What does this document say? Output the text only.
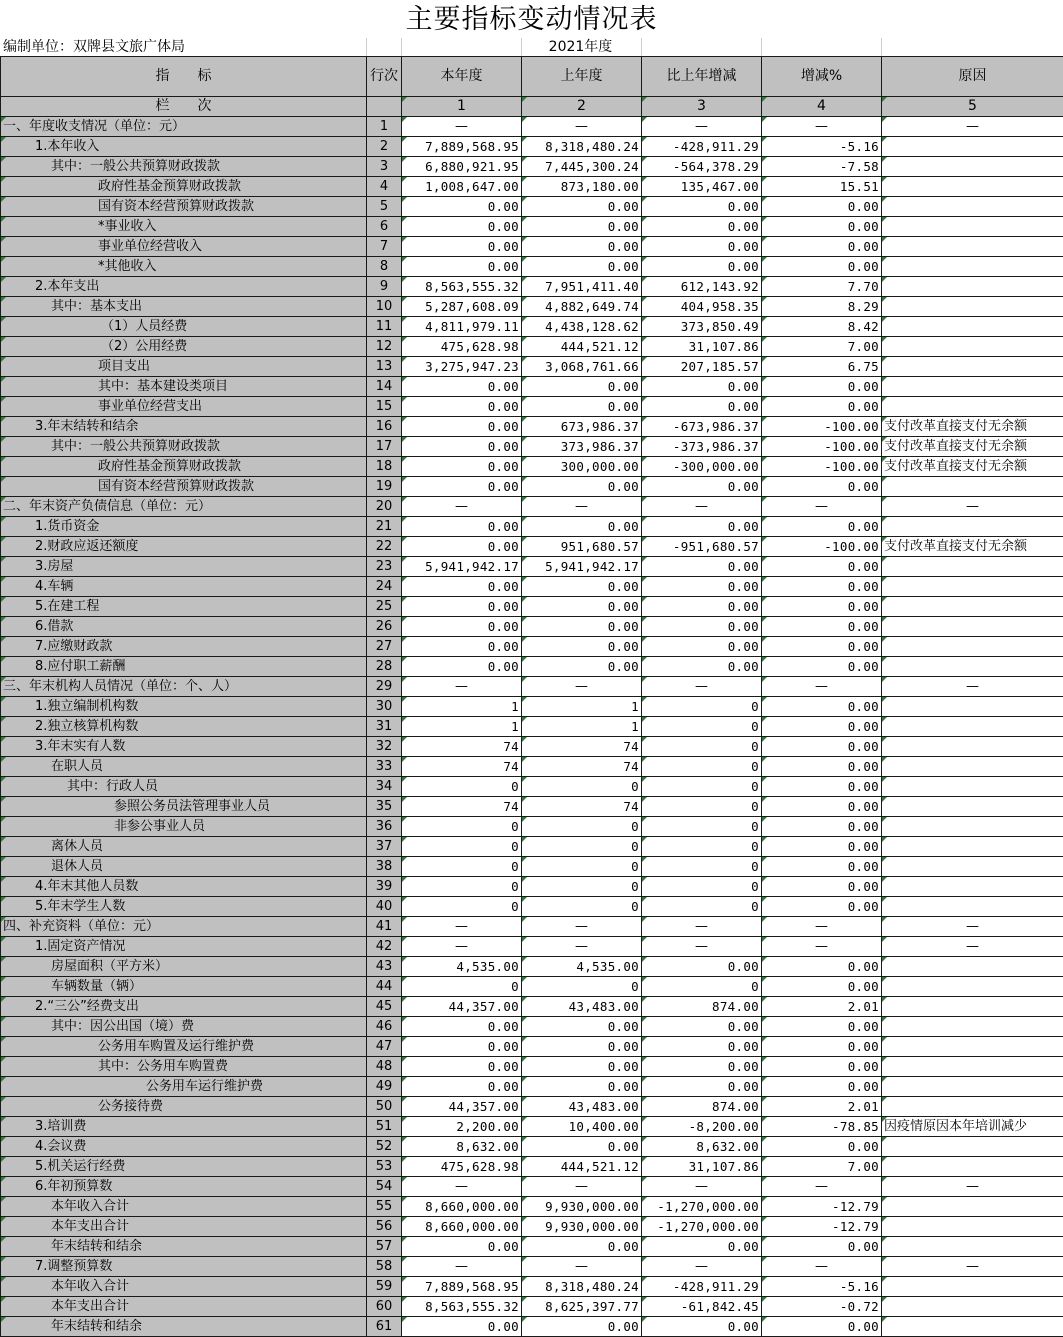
主要指标变动情况表
编制单位：双牌县文旅广体局	2021年度
指　　标	行次	本年度	上年度	比上年增减	增减%	原因
栏　　次		1	2	3	4	5
一、年度收支情况（单位：元）	1	—	—	—	—	—
1.本年收入	2	7,889,568.95	8,318,480.24	-428,911.29	-5.16	
其中：一般公共预算财政拨款	3	6,880,921.95	7,445,300.24	-564,378.29	-7.58	
政府性基金预算财政拨款	4	1,008,647.00	873,180.00	135,467.00	15.51	
国有资本经营预算财政拨款	5	0.00	0.00	0.00	0.00	
*事业收入	6	0.00	0.00	0.00	0.00	
事业单位经营收入	7	0.00	0.00	0.00	0.00	
*其他收入	8	0.00	0.00	0.00	0.00	
2.本年支出	9	8,563,555.32	7,951,411.40	612,143.92	7.70	
其中：基本支出	10	5,287,608.09	4,882,649.74	404,958.35	8.29	
（1）人员经费	11	4,811,979.11	4,438,128.62	373,850.49	8.42	
（2）公用经费	12	475,628.98	444,521.12	31,107.86	7.00	
项目支出	13	3,275,947.23	3,068,761.66	207,185.57	6.75	
其中：基本建设类项目	14	0.00	0.00	0.00	0.00	
事业单位经营支出	15	0.00	0.00	0.00	0.00	
3.年末结转和结余	16	0.00	673,986.37	-673,986.37	-100.00	支付改革直接支付无余额
其中：一般公共预算财政拨款	17	0.00	373,986.37	-373,986.37	-100.00	支付改革直接支付无余额
政府性基金预算财政拨款	18	0.00	300,000.00	-300,000.00	-100.00	支付改革直接支付无余额
国有资本经营预算财政拨款	19	0.00	0.00	0.00	0.00	
二、年末资产负债信息（单位：元）	20	—	—	—	—	—
1.货币资金	21	0.00	0.00	0.00	0.00	
2.财政应返还额度	22	0.00	951,680.57	-951,680.57	-100.00	支付改革直接支付无余额
3.房屋	23	5,941,942.17	5,941,942.17	0.00	0.00	
4.车辆	24	0.00	0.00	0.00	0.00	
5.在建工程	25	0.00	0.00	0.00	0.00	
6.借款	26	0.00	0.00	0.00	0.00	
7.应缴财政款	27	0.00	0.00	0.00	0.00	
8.应付职工薪酬	28	0.00	0.00	0.00	0.00	
三、年末机构人员情况（单位：个、人）	29	—	—	—	—	—
1.独立编制机构数	30	1	1	0	0.00	
2.独立核算机构数	31	1	1	0	0.00	
3.年末实有人数	32	74	74	0	0.00	
在职人员	33	74	74	0	0.00	
其中：行政人员	34	0	0	0	0.00	
参照公务员法管理事业人员	35	74	74	0	0.00	
非参公事业人员	36	0	0	0	0.00	
离休人员	37	0	0	0	0.00	
退休人员	38	0	0	0	0.00	
4.年末其他人员数	39	0	0	0	0.00	
5.年末学生人数	40	0	0	0	0.00	
四、补充资料（单位：元）	41	—	—	—	—	—
1.固定资产情况	42	—	—	—	—	—
房屋面积（平方米）	43	4,535.00	4,535.00	0.00	0.00	
车辆数量（辆）	44	0	0	0	0.00	
2.“三公”经费支出	45	44,357.00	43,483.00	874.00	2.01	
其中：因公出国（境）费	46	0.00	0.00	0.00	0.00	
公务用车购置及运行维护费	47	0.00	0.00	0.00	0.00	
其中：公务用车购置费	48	0.00	0.00	0.00	0.00	
公务用车运行维护费	49	0.00	0.00	0.00	0.00	
公务接待费	50	44,357.00	43,483.00	874.00	2.01	
3.培训费	51	2,200.00	10,400.00	-8,200.00	-78.85	因疫情原因本年培训减少
4.会议费	52	8,632.00	0.00	8,632.00	0.00	
5.机关运行经费	53	475,628.98	444,521.12	31,107.86	7.00	
6.年初预算数	54	—	—	—	—	—
本年收入合计	55	8,660,000.00	9,930,000.00	-1,270,000.00	-12.79	
本年支出合计	56	8,660,000.00	9,930,000.00	-1,270,000.00	-12.79	
年末结转和结余	57	0.00	0.00	0.00	0.00	
7.调整预算数	58	—	—	—	—	—
本年收入合计	59	7,889,568.95	8,318,480.24	-428,911.29	-5.16	
本年支出合计	60	8,563,555.32	8,625,397.77	-61,842.45	-0.72	
年末结转和结余	61	0.00	0.00	0.00	0.00	
